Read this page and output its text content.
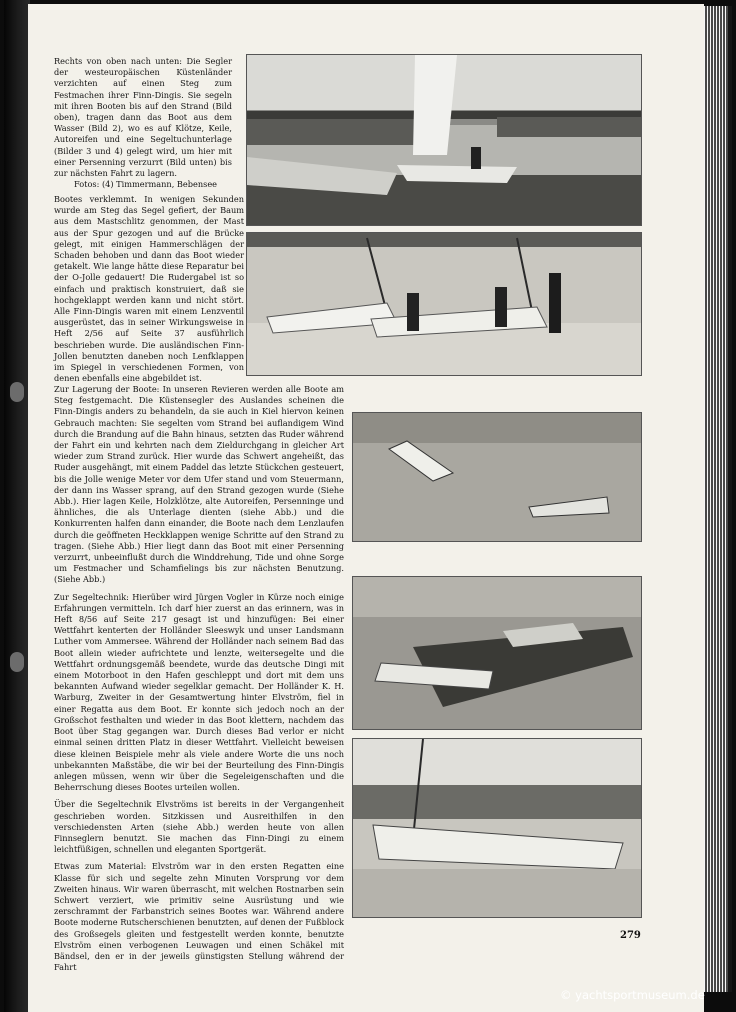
Rechts von oben nach unten: Die Segler der westeuropäischen Küstenländer verzichten auf einen Steg zum Festmachen ihrer Finn-Dingis. Sie segeln mit ihren Booten bis auf den Strand (Bild oben), tragen dann das Boot aus dem Wasser (Bild 2), wo es auf Klötze, Keile, Autoreifen und eine Segeltuchunterlage (Bilder 3 und 4) gelegt wird, um hier mit einer Persenning verzurrt (Bild unten) bis zur nächsten Fahrt zu lagern.

Fotos: (4) Timmermann, Bebensee

Bootes verklemmt. In wenigen Sekunden wurde am Steg das Segel gefiert, der Baum aus dem Mastschlitz genommen, der Mast aus der Spur gezogen und auf die Brücke gelegt, mit einigen Hammerschlägen der Schaden behoben und dann das Boot wieder getakelt. Wie lange hätte diese Reparatur bei der O-Jolle gedauert! Die Rudergabel ist so einfach und praktisch konstruiert, daß sie hochgeklappt werden kann und nicht stört. Alle Finn-Dingis waren mit einem Lenzventil ausgerüstet, das in seiner Wirkungsweise in Heft 2/56 auf Seite 37 ausführlich beschrieben wurde. Die ausländischen Finn-Jollen benutzten daneben noch Lenfklappen im Spiegel in verschiedenen Formen, von denen ebenfalls eine abgebildet ist.

Zur Lagerung der Boote: In unseren Revieren werden alle Boote am Steg festgemacht. Die Küstensegler des Auslandes scheinen die Finn-Dingis anders zu behandeln, da sie auch in Kiel hiervon keinen Gebrauch machten: Sie segelten vom Strand bei auflandigem Wind durch die Brandung auf die Bahn hinaus, setzten das Ruder während der Fahrt ein und kehrten nach dem Zieldurchgang in gleicher Art wieder zum Strand zurück. Hier wurde das Schwert angeheißt, das Ruder ausgehängt, mit einem Paddel das letzte Stückchen gesteuert, bis die Jolle wenige Meter vor dem Ufer stand und vom Steuermann, der dann ins Wasser sprang, auf den Strand gezogen wurde (Siehe Abb.). Hier lagen Keile, Holzklötze, alte Autoreifen, Persenninge und ähnliches, die als Unterlage dienten (siehe Abb.) und die Konkurrenten halfen dann einander, die Boote nach dem Lenzlaufen durch die geöffneten Heckklappen wenige Schritte auf den Strand zu tragen. (Siehe Abb.) Hier liegt dann das Boot mit einer Persenning verzurrt, unbeeinflußt durch die Winddrehung, Tide und ohne Sorge um Festmacher und Schamfielings bis zur nächsten Benutzung. (Siehe Abb.)

Zur Segeltechnik: Hierüber wird Jürgen Vogler in Kürze noch einige Erfahrungen vermitteln. Ich darf hier zuerst an das erinnern, was in Heft 8/56 auf Seite 217 gesagt ist und hinzufügen: Bei einer Wettfahrt kenterten der Holländer Sleeswyk und unser Landsmann Luther vom Ammersee. Während der Holländer nach seinem Bad das Boot allein wieder aufrichtete und lenzte, weitersegelte und die Wettfahrt ordnungsgemäß beendete, wurde das deutsche Dingi mit einem Motorboot in den Hafen geschleppt und dort mit dem uns bekannten Aufwand wieder segelklar gemacht. Der Holländer K. H. Warburg, Zweiter in der Gesamtwertung hinter Elvström, fiel in einer Regatta aus dem Boot. Er konnte sich jedoch noch an der Großschot festhalten und wieder in das Boot klettern, nachdem das Boot über Stag gegangen war. Durch dieses Bad verlor er nicht einmal seinen dritten Platz in dieser Wettfahrt. Vielleicht beweisen diese kleinen Beispiele mehr als viele andere Worte die uns noch unbekannten Maßstäbe, die wir bei der Beurteilung des Finn-Dingis anlegen müssen, wenn wir über die Segeleigenschaften und die Beherrschung dieses Bootes urteilen wollen.

Über die Segeltechnik Elvströms ist bereits in der Vergangenheit geschrieben worden. Sitzkissen und Ausreithilfen in den verschiedensten Arten (siehe Abb.) werden heute von allen Finnseglern benutzt. Sie machen das Finn-Dingi zu einem leichtfüßigen, schnellen und eleganten Sportgerät.

Etwas zum Material: Elvström war in den ersten Regatten eine Klasse für sich und segelte zehn Minuten Vorsprung vor dem Zweiten hinaus. Wir waren überrascht, mit welchen Rostnarben sein Schwert verziert, wie primitiv seine Ausrüstung und wie zerschrammt der Farbanstrich seines Bootes war. Während andere Boote moderne Rutscherschienen benutzten, auf denen der Fußblock des Großsegels gleiten und festgestellt werden konnte, benutzte Elvström einen verbogenen Leuwagen und einen Schäkel mit Bändsel, den er in der jeweils günstigsten Stellung während der Fahrt

279
© yachtsportmuseum.de
